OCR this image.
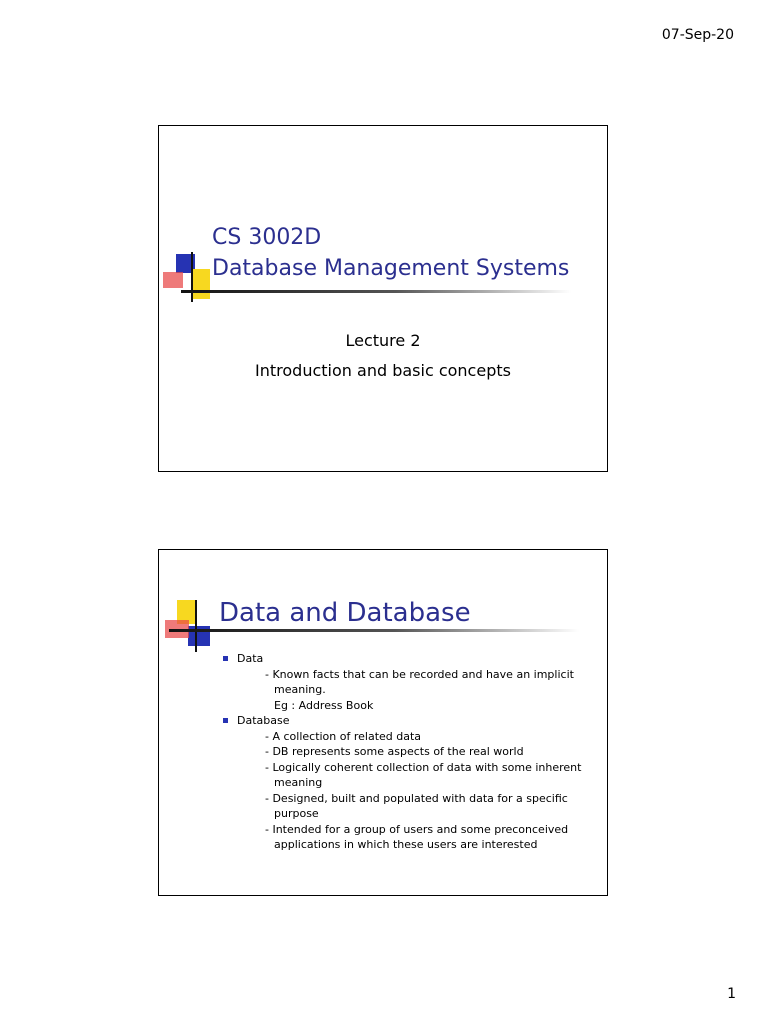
07-Sep-20
CS 3002D
Database Management Systems
Lecture 2
Introduction and basic concepts
Data and Database
Data
- Known facts that can be recorded and have an implicit
meaning.
Eg : Address Book
Database
- A collection of related data
- DB represents some aspects of the real world
- Logically coherent collection of data with some inherent
meaning
- Designed, built and populated with data for a specific
purpose
- Intended for a group of users and some preconceived
applications in which these users are interested
1
